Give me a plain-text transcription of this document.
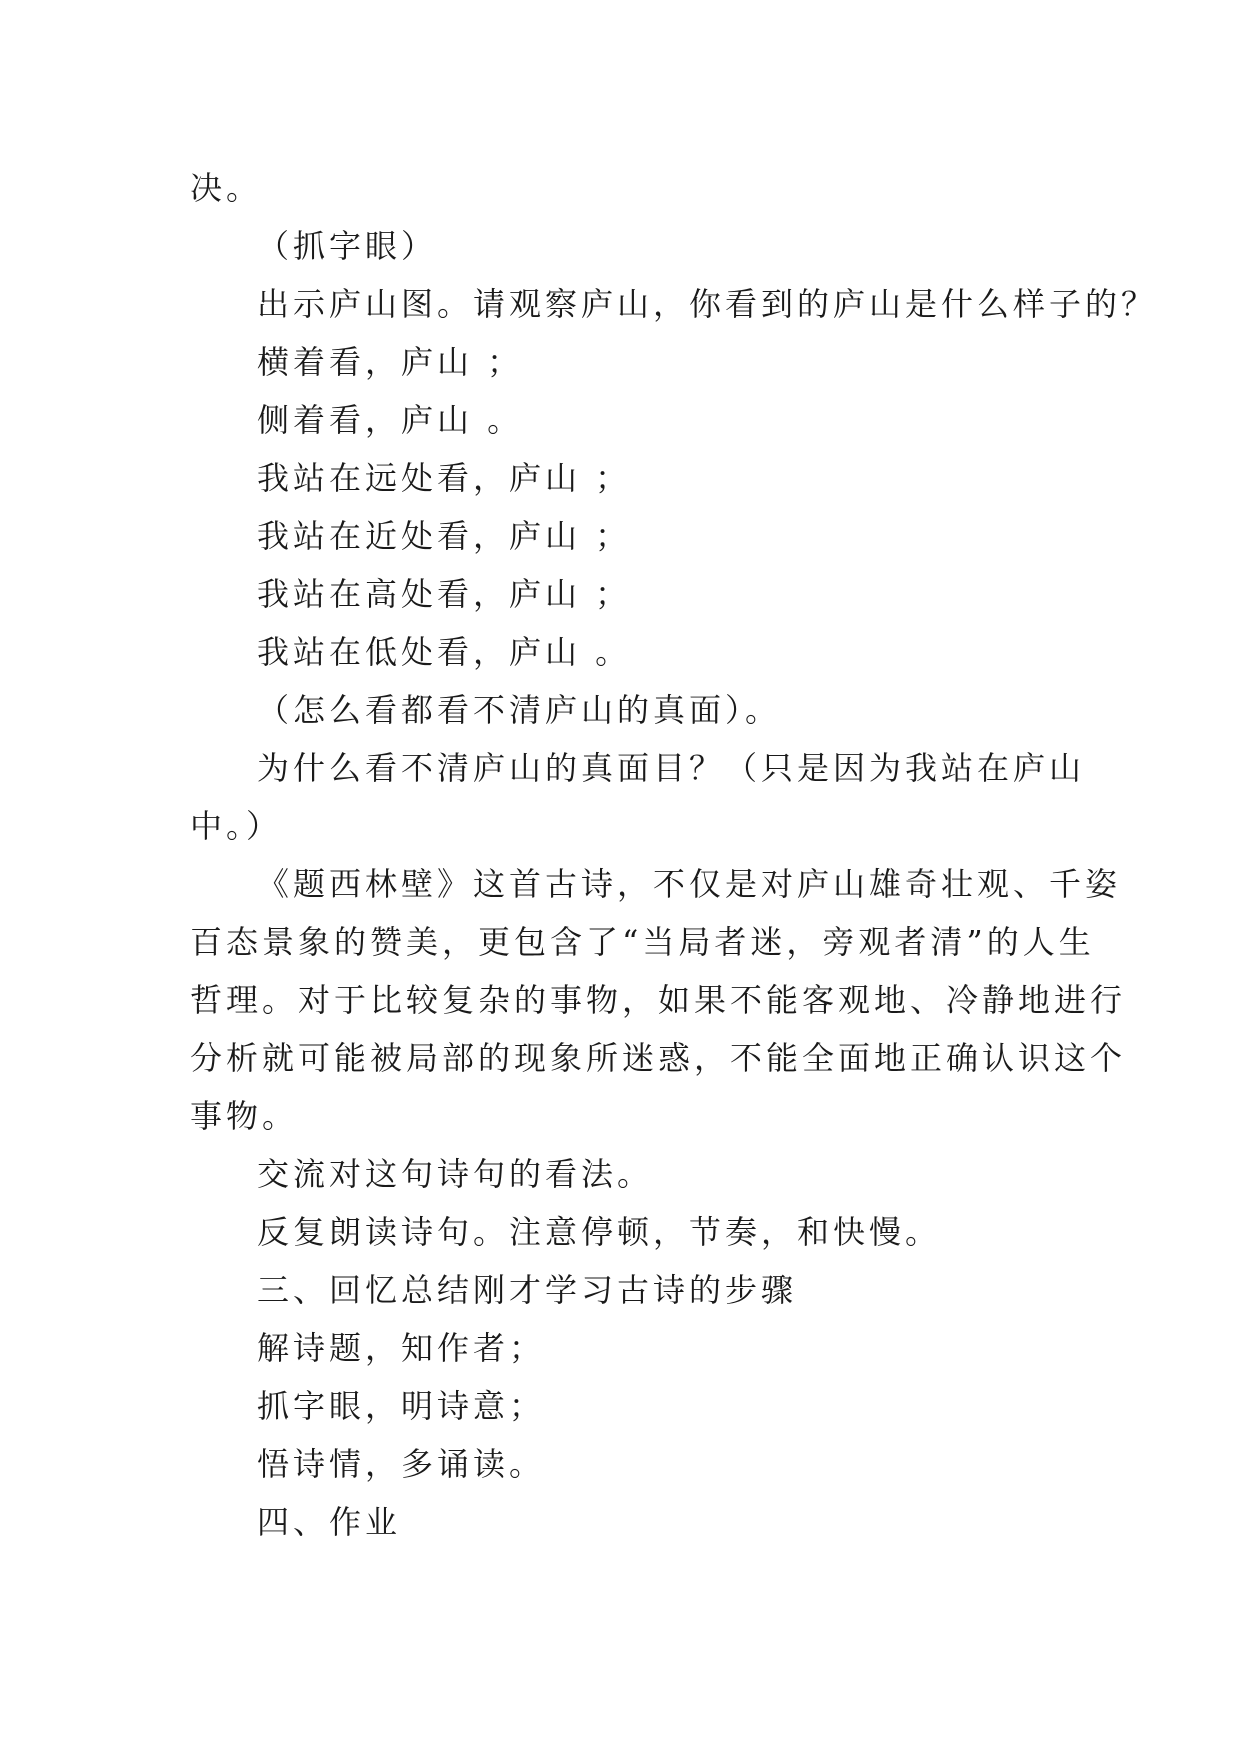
决。
（抓字眼）
出示庐山图。请观察庐山，你看到的庐山是什么样子的？
横着看，庐山 ；
侧着看，庐山 。
我站在远处看，庐山 ；
我站在近处看，庐山 ；
我站在高处看，庐山 ；
我站在低处看，庐山 。
（怎么看都看不清庐山的真面）。
为什么看不清庐山的真面目？（只是因为我站在庐山
中。）
《题西林壁》这首古诗，不仅是对庐山雄奇壮观、千姿
百态景象的赞美，更包含了“当局者迷，旁观者清”的人生
哲理。对于比较复杂的事物，如果不能客观地、冷静地进行
分析就可能被局部的现象所迷惑，不能全面地正确认识这个
事物。
交流对这句诗句的看法。
反复朗读诗句。注意停顿，节奏，和快慢。
三、回忆总结刚才学习古诗的步骤
解诗题，知作者；
抓字眼，明诗意；
悟诗情，多诵读。
四、作业
